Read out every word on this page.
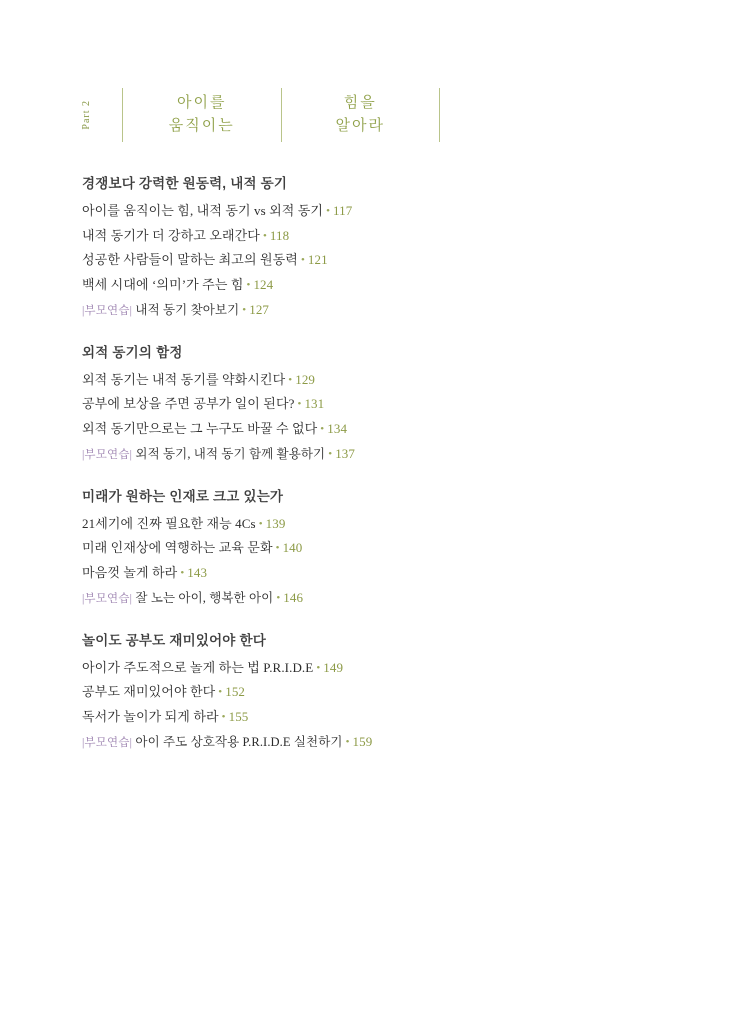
Part 2	아이를
움직이는
힘을
알아라
경쟁보다 강력한 원동력, 내적 동기
아이를 움직이는 힘, 내적 동기 vs 외적 동기 • 117
내적 동기가 더 강하고 오래간다 • 118
성공한 사람들이 말하는 최고의 원동력 • 121
백세 시대에 ‘의미’가 주는 힘 • 124
|부모연습| 내적 동기 찾아보기 • 127
외적 동기의 함정
외적 동기는 내적 동기를 약화시킨다 • 129
공부에 보상을 주면 공부가 일이 된다? • 131
외적 동기만으로는 그 누구도 바꿀 수 없다 • 134
|부모연습| 외적 동기, 내적 동기 함께 활용하기 • 137
미래가 원하는 인재로 크고 있는가
21세기에 진짜 필요한 재능 4Cs • 139
미래 인재상에 역행하는 교육 문화 • 140
마음껏 놀게 하라 • 143
|부모연습| 잘 노는 아이, 행복한 아이 • 146
놀이도 공부도 재미있어야 한다
아이가 주도적으로 놀게 하는 법 P.R.I.D.E • 149
공부도 재미있어야 한다 • 152
독서가 놀이가 되게 하라 • 155
|부모연습| 아이 주도 상호작용 P.R.I.D.E 실천하기 • 159
